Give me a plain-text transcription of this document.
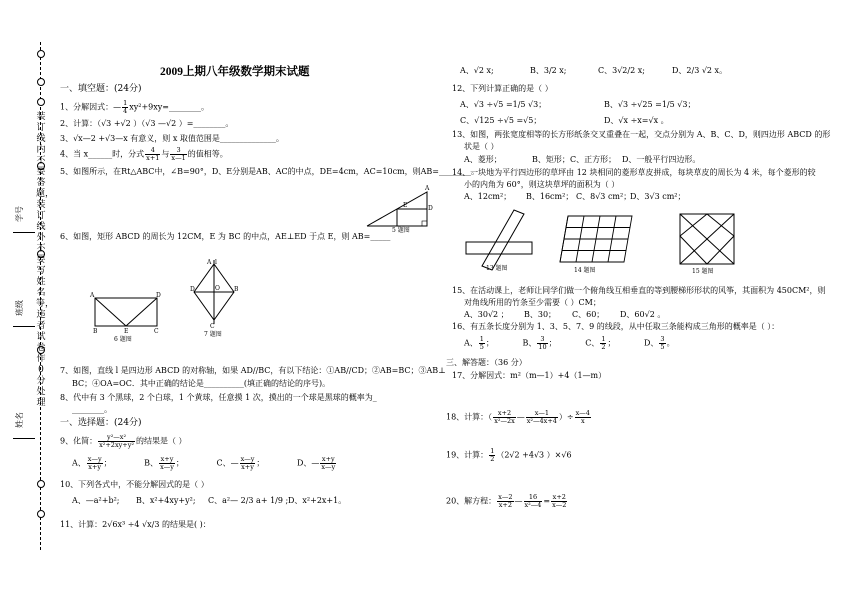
装订线内不要答题，装订线外不要写姓名等，违者试卷作0分处理
学号
班级
姓名
2009上期八年级数学期末试题
一、填空题：(24分)
1、分解因式：— $\frac{1}{4}$ xy²+9xy=________。
2、计算：（√3 +√2 ）（√3 —√2 ）=________。
3、√x—2 +√3—x 有意义，则 x 取值范围是______________。
4、当 x______时，分式 $\frac{4}{x+1}$ 与 $\frac{3}{x—1}$ 的值相等。
5、如图所示，在Rt△ABC中，∠B=90°，D、E分别是AB、AC的中点，DE=4cm，AC=10cm，则AB=________。
A
E	D
5 题图
6、如图，矩形 ABCD 的周长为 12CM，E 为 BC 的中点，AE⊥ED 于点 E，则 AB=_____
A	D
B	E	C
6 题图
A l
D	O B
C
7 题图
7、如图，直线 l 是四边形 ABCD 的对称轴，如果 AD//BC，有以下结论：①AB//CD；②AB=BC；③AB⊥
BC；④OA=OC．其中正确的结论是__________(填正确的结论的序号)。
8、代中有 3 个黑球，2 个白球，1 个黄球，任意摸 1 次，摸出的一个球是黑球的概率为_
________。
一、选择题：(24分)
9、化简： $\frac{\text{y²—x²}}{\text{x²+2xy+y²}}$ 的结果是（ ）
A、 $\frac{x—y}{x+y}$ ；	B、 $\frac{x+y}{x—y}$ ；	C、— $\frac{x—y}{x+y}$ ；	D、— $\frac{x+y}{x—y}$
10、下列各式中，不能分解因式的是（ ）
A、—a²+b²; B、x²+4xy+y²; C、a²— 2/3 a+ 1/9 ; D、x²+2x+1。
11、计算：2√6x³ ÷4 √x/3 的结果是( )：
A、√2 x;	B、3/2 x;	C、3√2/2 x;	D、2/3 √2 x。
12、下列计算正确的是（ ）
A、√3 ÷√5 =1/5 √3；	B、√3 ÷√25 =1/5 √3；
C、√125 ÷√5 =√5；	D、√x ÷x=√x 。
13、如图，两张宽度相等的长方形纸条交叉重叠在一起，交点分别为 A、B、C、D，则四边形 ABCD 的形
状是（ ）
A、菱形；	B、矩形； C、正方形； D、一般平行四边形。
14、一块地为平行四边形的草坪由 12 块相同的菱形草皮拼成，每块草皮的周长为 4 米，每个菱形的较
小的内角为 60°，则这块草坪的面积为（ ）
A、12cm²； B、16cm²； C、8√3 cm²；
D、3√3 cm²；
13 题图	14 题图	15 题图
15、在活动课上，老师让同学们做一个俯角线互相垂直的等到腰梯形形状的风筝，其面积为 450CM²，则
对角线所用的竹条至少需要（ ）CM；
A、30√2 ； B、30； C、60； D、60√2 。
16、有五条长度分别为 1、3、5、7、9 的线段，从中任取三条能构成三角形的概率是（ ）：
A、 $\frac{1}{5}$ ；	B、 $\frac{3}{10}$ ；	C、 $\frac{1}{2}$ ；	D、 $\frac{3}{5}$ 。
三、解答题：（36 分）
17、分解因式：m²（m—1）+4（1—m）
18、计算：（ $\frac{x+2}{\text{x²—2x}}$ — $\frac{x—1}{\text{x²—4x+4}}$ ）÷ $\frac{x—4}{x}$
19、计算： $\frac{1}{2} (2√2 +4√3$ ）×√6
20、解方程： $\frac{x—2}{x+2}$ — $\frac{16}{\text{x²—4}} = \frac{x+2}{x—2}$
